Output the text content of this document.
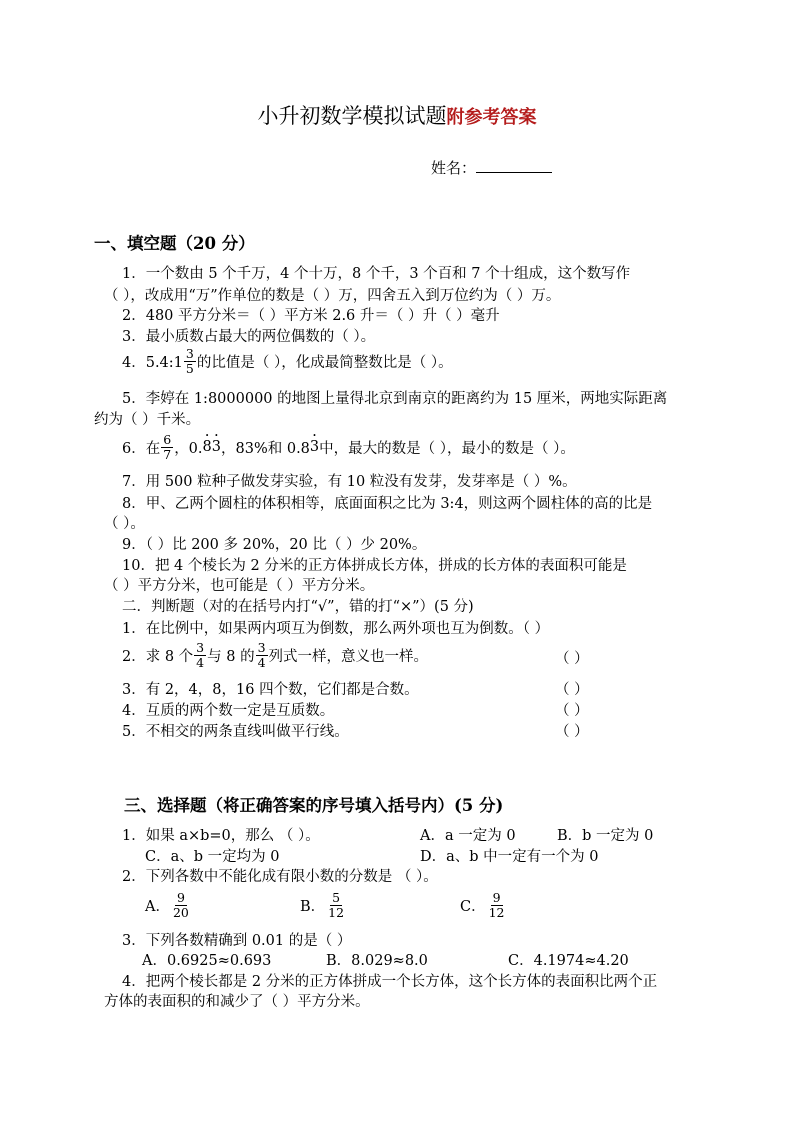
小升初数学模拟试题附参考答案
姓名：
一、填空题（20 分）
1．一个数由 5 个千万，4 个十万，8 个千，3 个百和 7 个十组成，这个数写作
（ ），改成用“万”作单位的数是（ ）万，四舍五入到万位约为（ ）万。
2．480 平方分米＝（ ）平方米 2.6 升＝（ ）升（ ）毫升
3．最小质数占最大的两位偶数的（ ）。
4．5.4:1 $\frac{3}{5}$ 的比值是（ ），化成最简整数比是（ ）。
5．李婷在 1:8000000 的地图上量得北京到南京的距离约为 15 厘米，两地实际距离
约为（ ）千米。
6．在 $\frac{6}{7}$ ，0. · 8 · 3 ，83%和 0.8 · 3 中，最大的数是（ ），最小的数是（ ）。
7．用 500 粒种子做发芽实验，有 10 粒没有发芽，发芽率是（ ）%。
8．甲、乙两个圆柱的体积相等，底面面积之比为 3:4，则这两个圆柱体的高的比是
（ ）。
9．（ ）比 200 多 20%，20 比（ ）少 20%。
10．把 4 个棱长为 2 分米的正方体拼成长方体，拼成的长方体的表面积可能是
（ ）平方分米，也可能是（ ）平方分米。
二．判断题（对的在括号内打“√”，错的打“×”）(5 分)
1．在比例中，如果两内项互为倒数，那么两外项也互为倒数。（ ）
2．求 8 个 $\frac{3}{4}$ 与 8 的 $\frac{3}{4}$ 列式一样，意义也一样。	（ ）
3．有 2，4，8，16 四个数，它们都是合数。	（ ）
4．互质的两个数一定是互质数。	（ ）
5．不相交的两条直线叫做平行线。	（ ）
三、选择题（将正确答案的序号填入括号内）(5 分)
1．如果 a×b=0，那么 （ ）。	A．a 一定为 0	B．b 一定为 0
C．a、b 一定均为 0	D．a、b 中一定有一个为 0
2．下列各数中不能化成有限小数的分数是 （ ）。
A． $\frac{9}{20}$	B． $\frac{5}{12}$	C． $\frac{9}{12}$
3．下列各数精确到 0.01 的是（ ）
A．0.6925≈0.693	B．8.029≈8.0	C．4.1974≈4.20
4．把两个棱长都是 2 分米的正方体拼成一个长方体，这个长方体的表面积比两个正
方体的表面积的和减少了（ ）平方分米。
